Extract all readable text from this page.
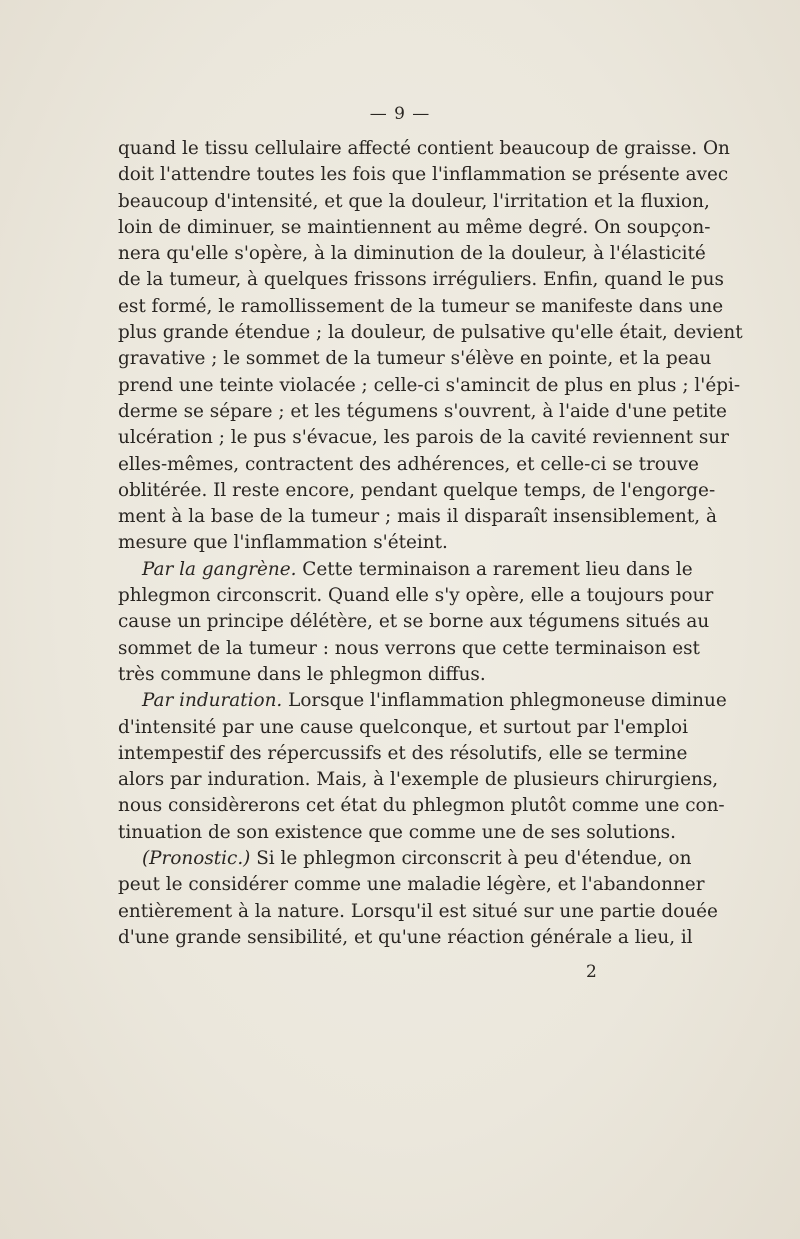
— 9 —
quand le tissu cellulaire affecté contient beaucoup de graisse. On
doit l'attendre toutes les fois que l'inflammation se présente avec
beaucoup d'intensité, et que la douleur, l'irritation et la fluxion,
loin de diminuer, se maintiennent au même degré. On soupçon-
nera qu'elle s'opère, à la diminution de la douleur, à l'élasticité
de la tumeur, à quelques frissons irréguliers. Enfin, quand le pus
est formé, le ramollissement de la tumeur se manifeste dans une
plus grande étendue ; la douleur, de pulsative qu'elle était, devient
gravative ; le sommet de la tumeur s'élève en pointe, et la peau
prend une teinte violacée ; celle-ci s'amincit de plus en plus ; l'épi-
derme se sépare ; et les tégumens s'ouvrent, à l'aide d'une petite
ulcération ; le pus s'évacue, les parois de la cavité reviennent sur
elles-mêmes, contractent des adhérences, et celle-ci se trouve
oblitérée. Il reste encore, pendant quelque temps, de l'engorge-
ment à la base de la tumeur ; mais il disparaît insensiblement, à
mesure que l'inflammation s'éteint.
Par la gangrène. Cette terminaison a rarement lieu dans le
phlegmon circonscrit. Quand elle s'y opère, elle a toujours pour
cause un principe délétère, et se borne aux tégumens situés au
sommet de la tumeur : nous verrons que cette terminaison est
très commune dans le phlegmon diffus.
Par induration. Lorsque l'inflammation phlegmoneuse diminue
d'intensité par une cause quelconque, et surtout par l'emploi
intempestif des répercussifs et des résolutifs, elle se termine
alors par induration. Mais, à l'exemple de plusieurs chirurgiens,
nous considèrerons cet état du phlegmon plutôt comme une con-
tinuation de son existence que comme une de ses solutions.
(Pronostic.) Si le phlegmon circonscrit à peu d'étendue, on
peut le considérer comme une maladie légère, et l'abandonner
entièrement à la nature. Lorsqu'il est situé sur une partie douée
d'une grande sensibilité, et qu'une réaction générale a lieu, il
2
